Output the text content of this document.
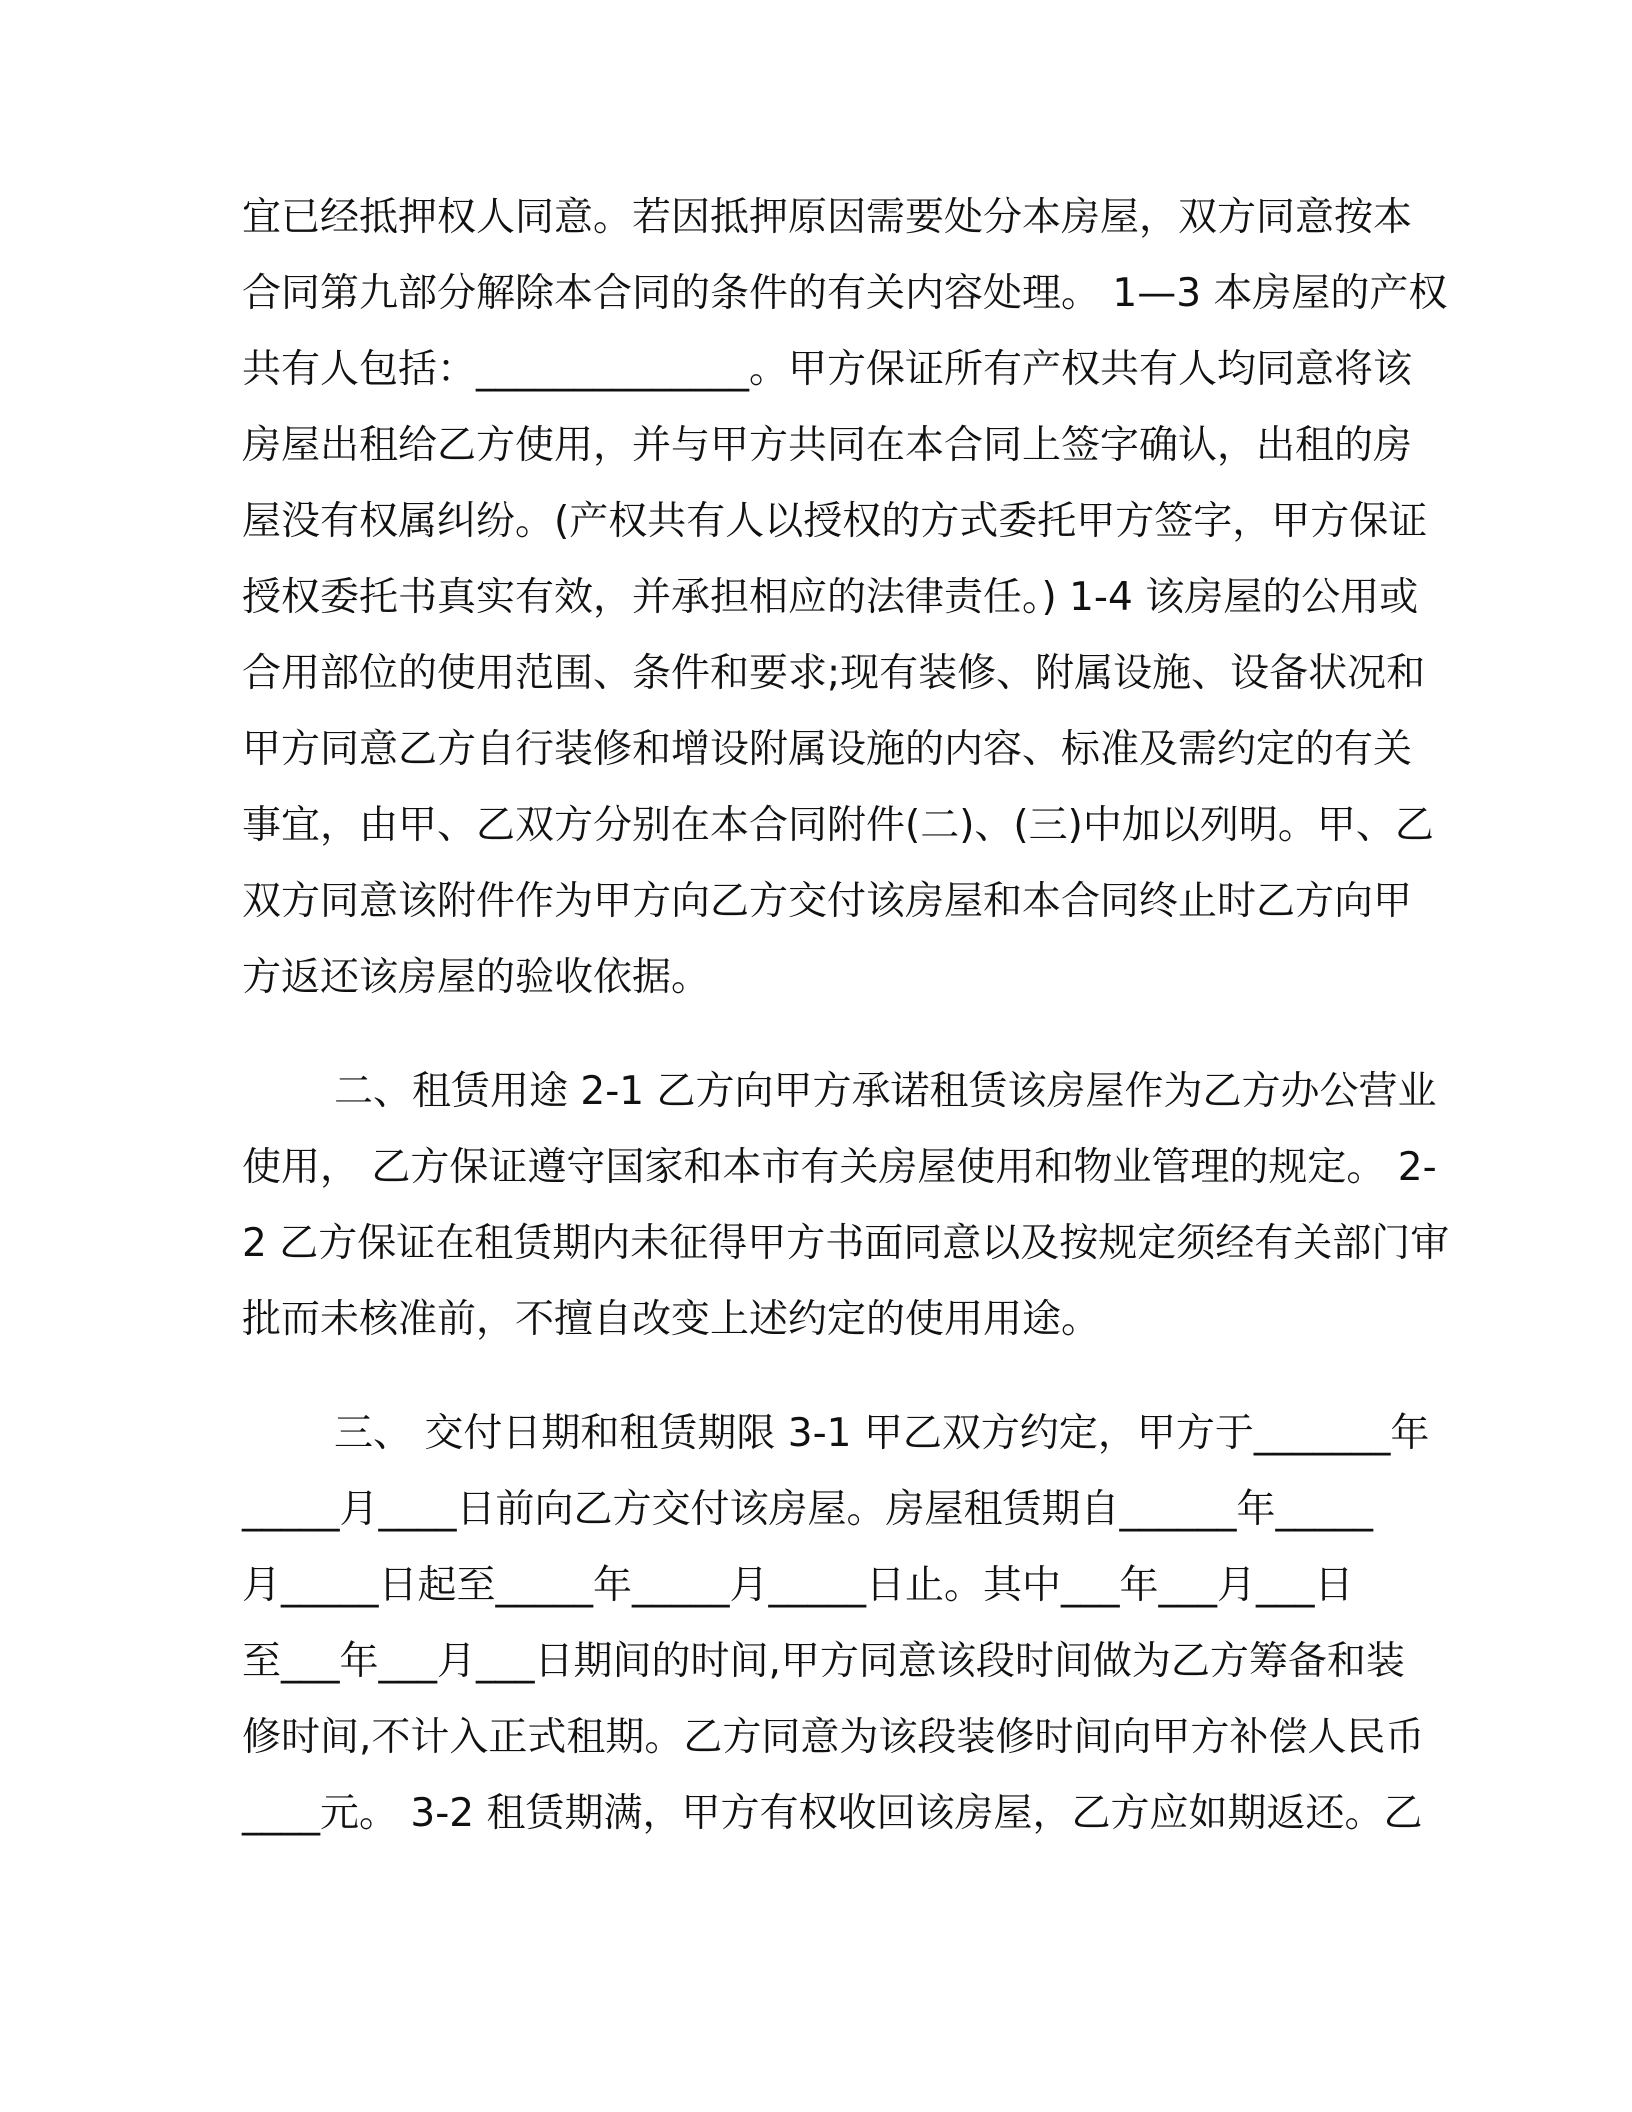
宜已经抵押权人同意。若因抵押原因需要处分本房屋，双方同意按本
合同第九部分解除本合同的条件的有关内容处理。 1—3 本房屋的产权
共有人包括：______________。甲方保证所有产权共有人均同意将该
房屋出租给乙方使用，并与甲方共同在本合同上签字确认，出租的房
屋没有权属纠纷。(产权共有人以授权的方式委托甲方签字，甲方保证
授权委托书真实有效，并承担相应的法律责任。) 1-4 该房屋的公用或
合用部位的使用范围、条件和要求;现有装修、附属设施、设备状况和
甲方同意乙方自行装修和增设附属设施的内容、标准及需约定的有关
事宜，由甲、乙双方分别在本合同附件(二)、(三)中加以列明。甲、乙
双方同意该附件作为甲方向乙方交付该房屋和本合同终止时乙方向甲
方返还该房屋的验收依据。
二、租赁用途 2-1 乙方向甲方承诺租赁该房屋作为乙方办公营业
使用， 乙方保证遵守国家和本市有关房屋使用和物业管理的规定。 2-
2 乙方保证在租赁期内未征得甲方书面同意以及按规定须经有关部门审
批而未核准前，不擅自改变上述约定的使用用途。
三、 交付日期和租赁期限 3-1 甲乙双方约定，甲方于_______年
_____月____日前向乙方交付该房屋。房屋租赁期自______年_____
月_____日起至_____年_____月_____日止。其中___年___月___日
至___年___月___日期间的时间,甲方同意该段时间做为乙方筹备和装
修时间,不计入正式租期。乙方同意为该段装修时间向甲方补偿人民币
____元。 3-2 租赁期满，甲方有权收回该房屋，乙方应如期返还。乙
